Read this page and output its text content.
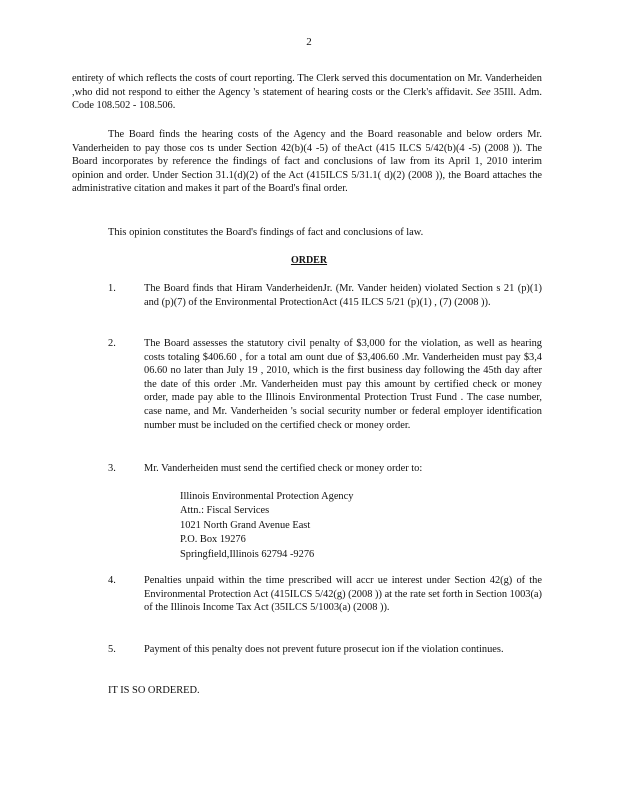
2
entirety of which reflects the costs of court reporting. The Clerk served this documentation on Mr. Vanderheiden ,who did not respond to either the Agency 's statement of hearing costs or the Clerk's affidavit. See 35Ill. Adm. Code 108.502 - 108.506.
The Board finds the hearing costs of the Agency and the Board reasonable and below orders Mr. Vanderheiden to pay those cos ts under Section 42(b)(4 -5) of theAct (415 ILCS 5/42(b)(4 -5) (2008 )). The Board incorporates by reference the findings of fact and conclusions of law from its April 1, 2010 interim opinion and order. Under Section 31.1(d)(2) of the Act (415ILCS 5/31.1( d)(2) (2008 )), the Board attaches the administrative citation and makes it part of the Board's final order.
This opinion constitutes the Board's findings of fact and conclusions of law.
ORDER
1.	The Board finds that Hiram VanderheidenJr. (Mr. Vander heiden) violated Section s 21 (p)(1) and (p)(7) of the Environmental ProtectionAct (415 ILCS 5/21 (p)(1) , (7) (2008 )).
2.	The Board assesses the statutory civil penalty of $3,000 for the violation, as well as hearing costs totaling $406.60 , for a total am ount due of $3,406.60 .Mr. Vanderheiden must pay $3,4 06.60 no later than July 19 , 2010, which is the first business day following the 45th day after the date of this order .Mr. Vanderheiden must pay this amount by certified check or money order, made pay able to the Illinois Environmental Protection Trust Fund . The case number, case name, and Mr. Vanderheiden 's social security number or federal employer identification number must be included on the certified check or money order.
3.	Mr. Vanderheiden must send the certified check or money order to:
Illinois Environmental Protection Agency
Attn.: Fiscal Services
1021 North Grand Avenue East
P.O. Box 19276
Springfield,Illinois 62794 -9276
4.	Penalties unpaid within the time prescribed will accr ue interest under Section 42(g) of the Environmental Protection Act (415ILCS 5/42(g) (2008 )) at the rate set forth in Section 1003(a) of the Illinois Income Tax Act (35ILCS 5/1003(a) (2008 )).
5.	Payment of this penalty does not prevent future prosecut ion if the violation continues.
IT IS SO ORDERED.
